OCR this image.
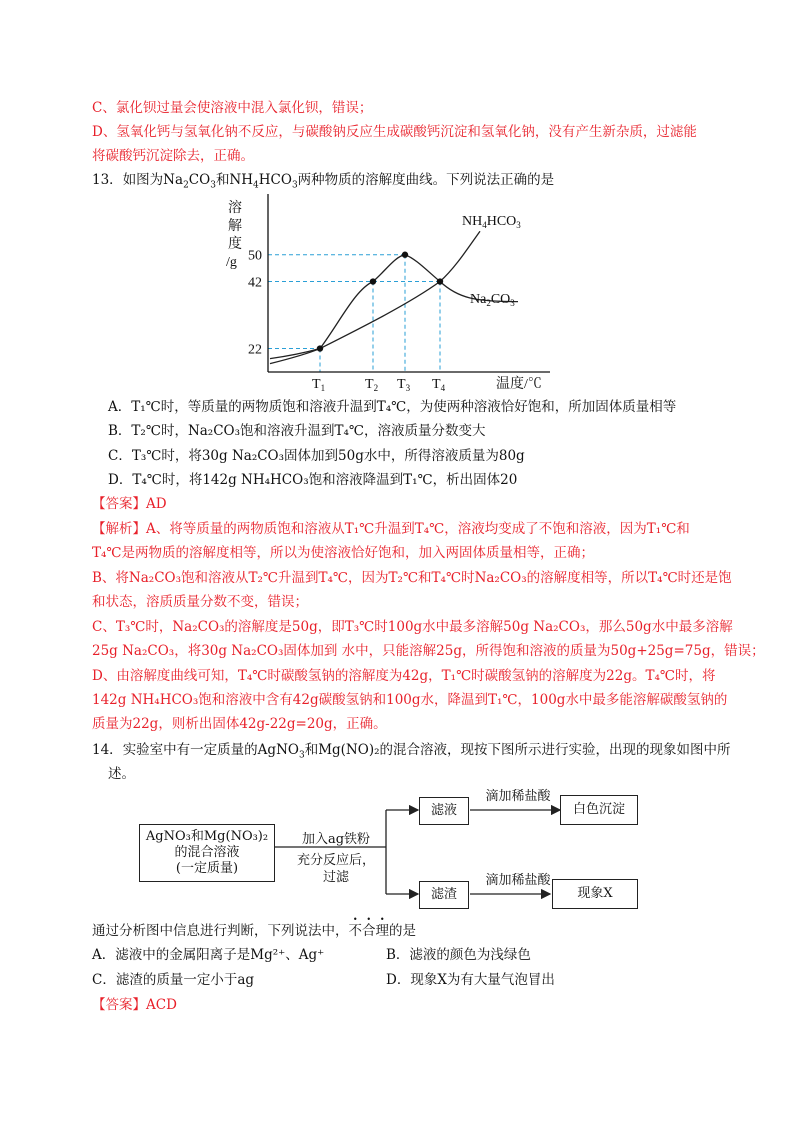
C、氯化钡过量会使溶液中混入氯化钡，错误；
D、氢氧化钙与氢氧化钠不反应，与碳酸钠反应生成碳酸钙沉淀和氢氧化钠，没有产生新杂质，过滤能
将碳酸钙沉淀除去，正确。
13．如图为$Na_2CO_3$和$NH_4HCO_3$两种物质的溶解度曲线。下列说法正确的是
溶
解
度
/g 50
42
22
$T_1$	$T_2$ $T_3$ $T_4$	温度/℃
$NH_4HCO_3$
$Na_2CO_3$
A．T₁℃时，等质量的两物质饱和溶液升温到T₄℃，为使两种溶液恰好饱和，所加固体质量相等
B．T₂℃时，Na₂CO₃饱和溶液升温到T₄℃，溶液质量分数变大
C．T₃℃时，将30g Na₂CO₃固体加到50g水中，所得溶液质量为80g
D．T₄℃时，将142g NH₄HCO₃饱和溶液降温到T₁℃，析出固体20
【答案】AD
【解析】A、将等质量的两物质饱和溶液从T₁℃升温到T₄℃，溶液均变成了不饱和溶液，因为T₁℃和
T₄℃是两物质的溶解度相等，所以为使溶液恰好饱和，加入两固体质量相等，正确；
B、将Na₂CO₃饱和溶液从T₂℃升温到T₄℃，因为T₂℃和T₄℃时Na₂CO₃的溶解度相等，所以T₄℃时还是饱
和状态，溶质质量分数不变，错误；
C、T₃℃时，Na₂CO₃的溶解度是50g，即T₃℃时100g水中最多溶解50g Na₂CO₃，那么50g水中最多溶解
25g Na₂CO₃，将30g Na₂CO₃固体加到 水中，只能溶解25g，所得饱和溶液的质量为50g+25g=75g，错误；
D、由溶解度曲线可知，T₄℃时碳酸氢钠的溶解度为42g，T₁℃时碳酸氢钠的溶解度为22g。T₄℃时，将
142g NH₄HCO₃饱和溶液中含有42g碳酸氢钠和100g水，降温到T₁℃，100g水中最多能溶解碳酸氢钠的
质量为22g，则析出固体42g-22g=20g，正确。
14．实验室中有一定质量的AgNO$_3$和Mg(NO)₂的混合溶液，现按下图所示进行实验，出现的现象如图中所
述。
AgNO₃和Mg(NO₃)₂
的混合溶液
(一定质量)
加入ag铁粉
充分反应后，
过滤
滤液
滤渣
滴加稀盐酸
滴加稀盐酸
白色沉淀
现象X
通过分析图中信息进行判断，下列说法中，不合理的是
A．滤液中的金属阳离子是Mg²⁺、Ag⁺	B．滤液的颜色为浅绿色
C．滤渣的质量一定小于ag	D．现象X为有大量气泡冒出
【答案】ACD
